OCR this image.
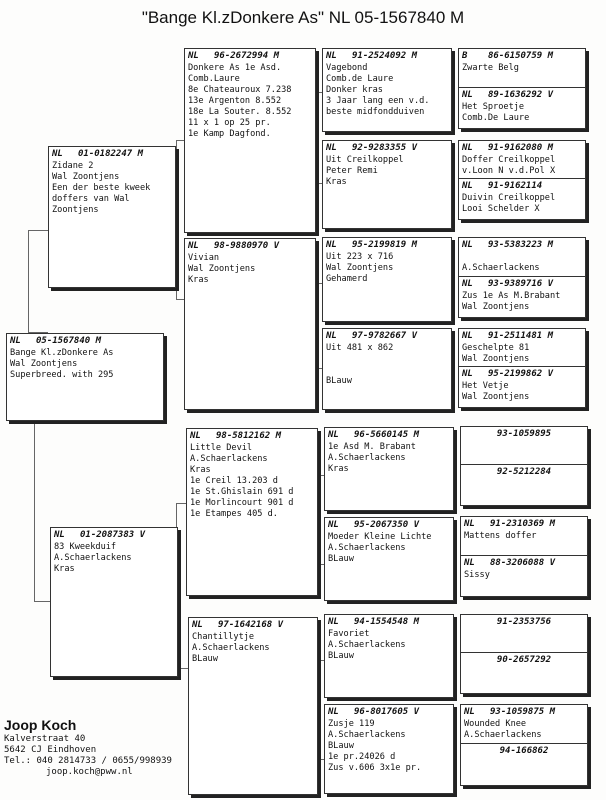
"Bange Kl.zDonkere As" NL 05-1567840 M
NL 05-1567840 M
Bange Kl.zDonkere As
Wal Zoontjens
Superbreed. with 295
NL 01-0182247 M
Zidane 2
Wal Zoontjens
Een der beste kweek
doffers van Wal
Zoontjens
NL 01-2087383 V
83 Kweekduif
A.Schaerlackens
Kras
NL 96-2672994 M
Donkere As 1e Asd.
Comb.Laure
8e Chateauroux 7.238
13e Argenton 8.552
18e La Souter. 8.552
11 x 1 op 25 pr.
1e Kamp Dagfond.
NL 98-9880970 V
Vivian
Wal Zoontjens
Kras
NL 98-5812162 M
Little Devil
A.Schaerlackens
Kras
1e Creil 13.203 d
1e St.Ghislain 691 d
1e Morlincourt 901 d
1e Etampes 405 d.
NL 97-1642168 V
Chantillytje
A.Schaerlackens
BLauw
NL 91-2524092 M
Vagebond
Comb.de Laure
Donker kras
3 Jaar lang een v.d.
beste midfondduiven
NL 92-9283355 V
Uit Creilkoppel
Peter Remi
Kras
NL 95-2199819 M
Uit 223 x 716
Wal Zoontjens
Gehamerd
NL 97-9782667 V
Uit 481 x 862

BLauw
NL 96-5660145 M
1e Asd M. Brabant
A.Schaerlackens
Kras
NL 95-2067350 V
Moeder Kleine Lichte
A.Schaerlackens
BLauw
NL 94-1554548 M
Favoriet
A.Schaerlackens
BLauw
NL 96-8017605 V
Zusje 119
A.Schaerlackens
BLauw
1e pr.24026 d
Zus v.606 3x1e pr.
B 86-6150759 M
Zwarte Belg
NL 89-1636292 V
Het Sproetje
Comb.De Laure
NL 91-9162080 M
Doffer Creilkoppel
v.Loon N v.d.Pol X
NL 91-9162114
Duivin Creilkoppel
Looi Schelder X
NL 93-5383223 M

A.Schaerlackens
NL 93-9389716 V
Zus 1e As M.Brabant
Wal Zoontjens
NL 91-2511481 M
Geschelpte 81
Wal Zoontjens
NL 95-2199862 V
Het Vetje
Wal Zoontjens
93-1059895
92-5212284
NL 91-2310369 M
Mattens doffer
NL 88-3206088 V
Sissy
91-2353756
90-2657292
NL 93-1059875 M
Wounded Knee
A.Schaerlackens
94-166862
Joop Koch
Kalverstraat 40
5642 CJ Eindhoven
Tel.: 040 2814733 / 0655/998939
joop.koch@pww.nl
